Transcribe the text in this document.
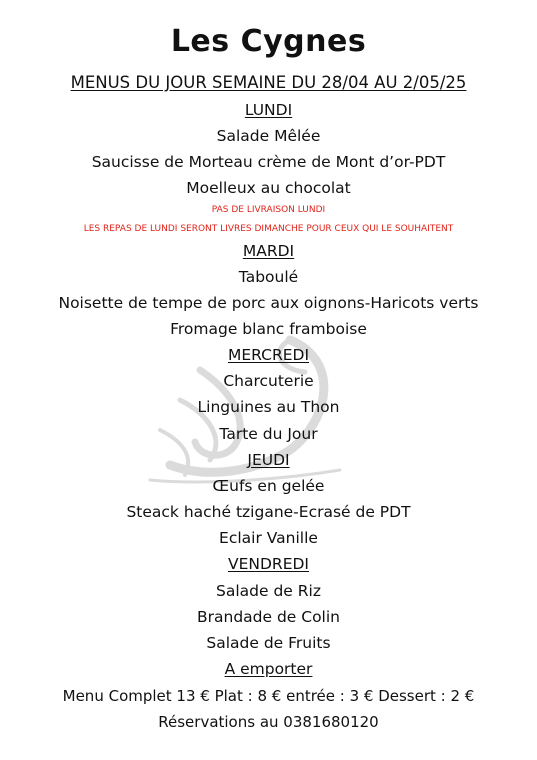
Les Cygnes
MENUS DU JOUR SEMAINE DU 28/04 AU 2/05/25
LUNDI
Salade Mêlée
Saucisse de Morteau crème de Mont d’or-PDT
Moelleux au chocolat
PAS DE LIVRAISON LUNDI
LES REPAS DE LUNDI SERONT LIVRES DIMANCHE POUR CEUX QUI LE SOUHAITENT
MARDI
Taboulé
Noisette de tempe de porc aux oignons-Haricots verts
Fromage blanc framboise
MERCREDI
Charcuterie
Linguines au Thon
Tarte du Jour
JEUDI
Œufs en gelée
Steack haché tzigane-Ecrasé de PDT
Eclair Vanille
VENDREDI
Salade de Riz
Brandade de Colin
Salade de Fruits
A emporter
Menu Complet 13 € Plat : 8 € entrée : 3 € Dessert : 2 €
Réservations au 0381680120
